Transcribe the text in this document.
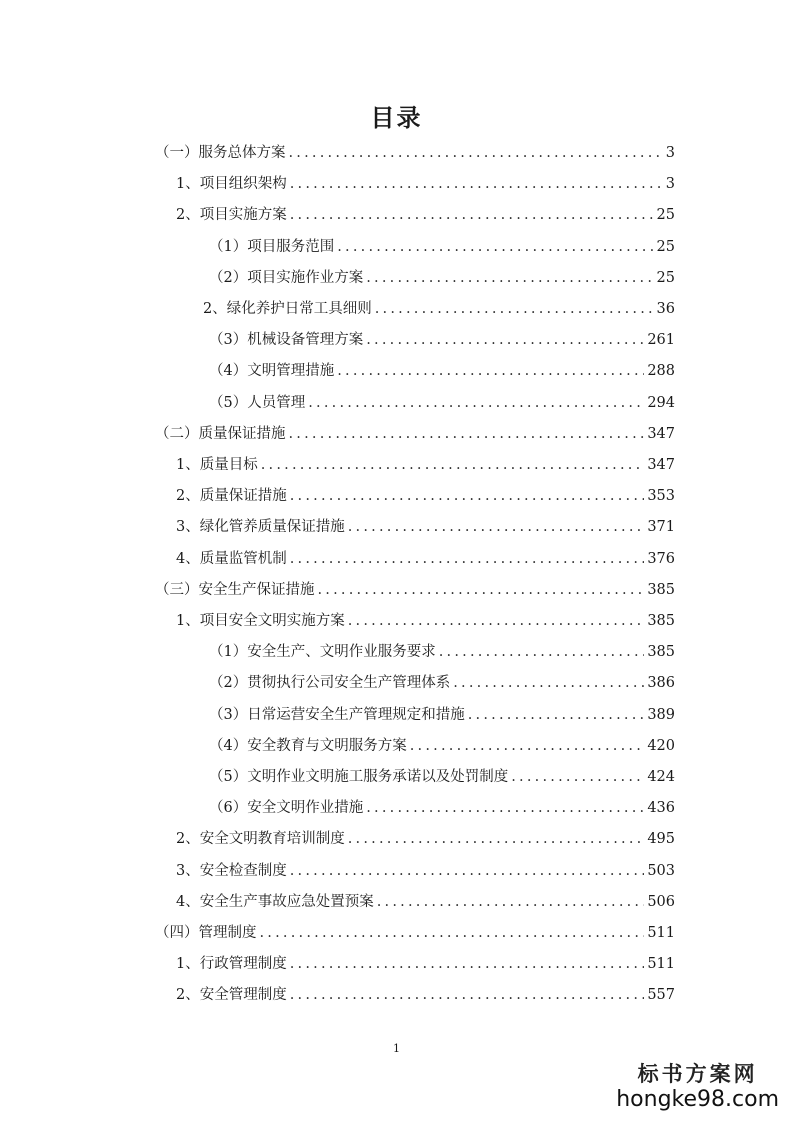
目录
（一）服务总体方案 .....	3
1、项目组织架构 .....	3
2、项目实施方案 .....	25
（1）项目服务范围 .....	25
（2）项目实施作业方案 .....	25
2、绿化养护日常工具细则 .....	36
（3）机械设备管理方案 .....	261
（4）文明管理措施 .....	288
（5）人员管理 .....	294
（二）质量保证措施 .....	347
1、质量目标 .....	347
2、质量保证措施 .....	353
3、绿化管养质量保证措施 .....	371
4、质量监管机制 .....	376
（三）安全生产保证措施 .....	385
1、项目安全文明实施方案 .....	385
（1）安全生产、文明作业服务要求 .....	385
（2）贯彻执行公司安全生产管理体系 .....	386
（3）日常运营安全生产管理规定和措施 .....	389
（4）安全教育与文明服务方案 .....	420
（5）文明作业文明施工服务承诺以及处罚制度 .....	424
（6）安全文明作业措施 .....	436
2、安全文明教育培训制度 .....	495
3、安全检查制度 .....	503
4、安全生产事故应急处置预案 .....	506
（四）管理制度 .....	511
1、行政管理制度 .....	511
2、安全管理制度 .....	557
1
标书方案网
hongke98.com
